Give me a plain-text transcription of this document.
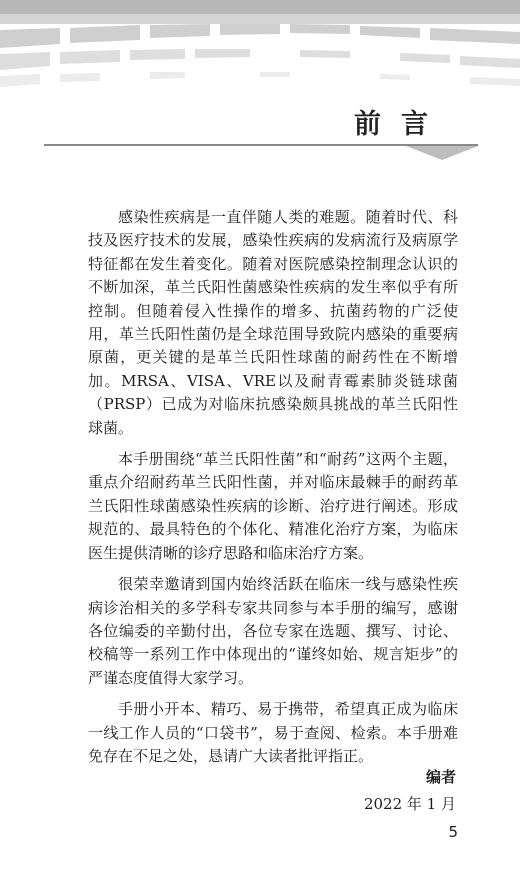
前言

感染性疾病是一直伴随人类的难题。随着时代、科技及医疗技术的发展，感染性疾病的发病流行及病原学特征都在发生着变化。随着对医院感染控制理念认识的不断加深，革兰氏阳性菌感染性疾病的发生率似乎有所控制。但随着侵入性操作的增多、抗菌药物的广泛使用，革兰氏阳性菌仍是全球范围导致院内感染的重要病原菌，更关键的是革兰氏阳性球菌的耐药性在不断增加。MRSA、VISA、VRE以及耐青霉素肺炎链球菌（PRSP）已成为对临床抗感染颇具挑战的革兰氏阳性球菌。

本手册围绕“革兰氏阳性菌”和“耐药”这两个主题，重点介绍耐药革兰氏阳性菌，并对临床最棘手的耐药革兰氏阳性球菌感染性疾病的诊断、治疗进行阐述。形成规范的、最具特色的个体化、精准化治疗方案，为临床医生提供清晰的诊疗思路和临床治疗方案。

很荣幸邀请到国内始终活跃在临床一线与感染性疾病诊治相关的多学科专家共同参与本手册的编写，感谢各位编委的辛勤付出，各位专家在选题、撰写、讨论、校稿等一系列工作中体现出的“谨终如始、规言矩步”的严谨态度值得大家学习。

手册小开本、精巧、易于携带，希望真正成为临床一线工作人员的“口袋书”，易于查阅、检索。本手册难免存在不足之处，恳请广大读者批评指正。

编者
2022 年 1 月
5
